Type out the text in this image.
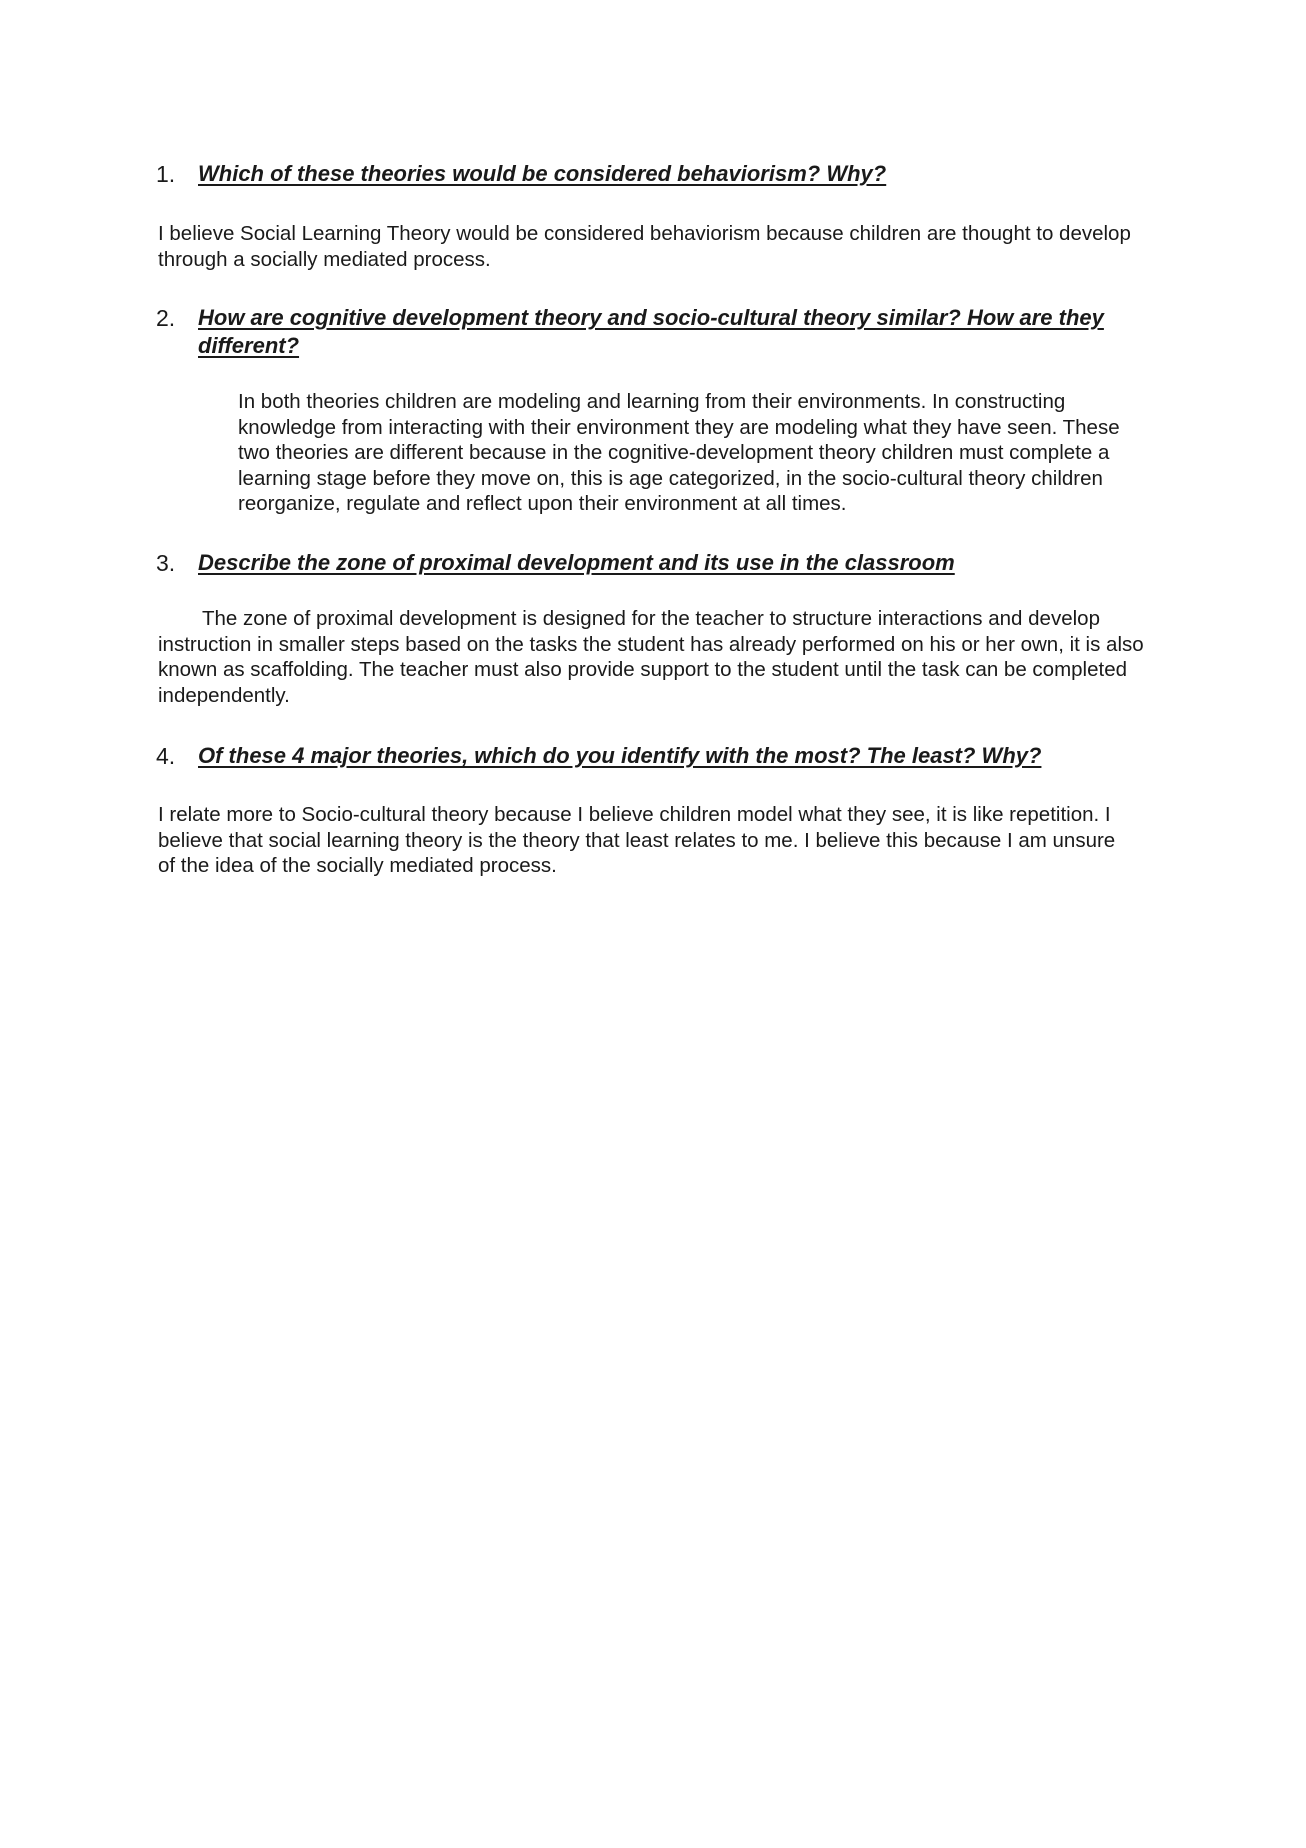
1. Which of these theories would be considered behaviorism? Why?

I believe Social Learning Theory would be considered behaviorism because children are thought to develop through a socially mediated process.

2. How are cognitive development theory and socio-cultural theory similar? How are they different?

In both theories children are modeling and learning from their environments. In constructing knowledge from interacting with their environment they are modeling what they have seen. These two theories are different because in the cognitive-development theory children must complete a learning stage before they move on, this is age categorized, in the socio-cultural theory children reorganize, regulate and reflect upon their environment at all times.

3. Describe the zone of proximal development and its use in the classroom

The zone of proximal development is designed for the teacher to structure interactions and develop instruction in smaller steps based on the tasks the student has already performed on his or her own, it is also known as scaffolding. The teacher must also provide support to the student until the task can be completed independently.

4. Of these 4 major theories, which do you identify with the most? The least? Why?

I relate more to Socio-cultural theory because I believe children model what they see, it is like repetition. I believe that social learning theory is the theory that least relates to me. I believe this because I am unsure of the idea of the socially mediated process.
